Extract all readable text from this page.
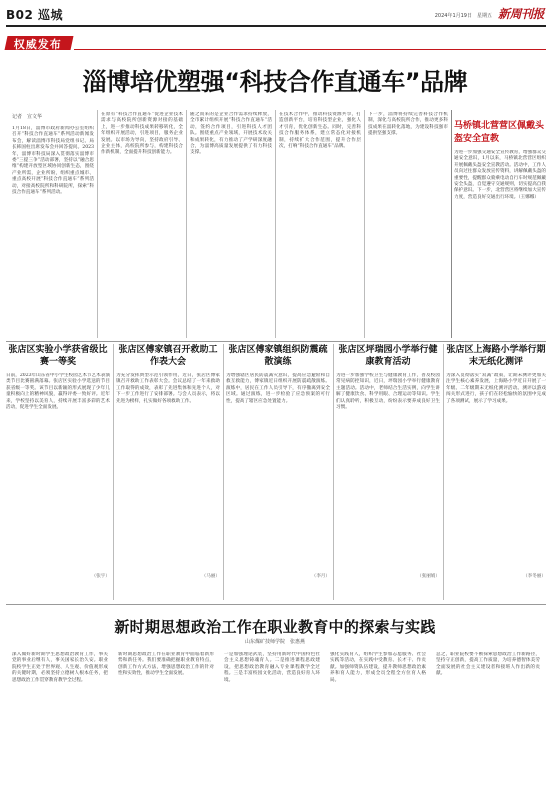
B02 巡城	2024年1月19日　星期五 新周刊报
权威发布
淄博培优塑强“科技合作直通车”品牌
记者　宣文华
1月18日，淄博市政府新闻办公室组织召开“科技合作直通车”系列活动新闻发布会，解读淄博市科技局党组书记、局长韩国柱出席发布会并回答提问。2023年，淄博市科技局深入贯彻落实淄博市委“三提三争”活动部署，坚持以“融合思维”构建开放型区域协同创新生态，围绕产业所需，企业所盼，组织重点城市、重点高校开展“科技合作直通车”系列活动，对接高校院所和科研院所，探索“科技合作直通车”系列活动。
在原有“科技合作直通车”促进企业技术需求与高校院所创新资源对接的基础上，进一步推动科技成果转移转化，全年组织开展活动，引进项目，服务企业发展。以市场为导向，坚持政府引导、企业主体，高校院所参与，构建科技合作新机制，全面提升科技创新能力。
随之而来的是企业合作需求持续释放，全市累计组织开展“科技合作直通车”活动，签约合作项目，引进科技人才团队。围绕重点产业领域，开展技术攻关和成果转化，有力推动了产学研深度融合，为淄博高质量发展提供了有力科技支撑。
在技术合作中，推动科技资源共享，打造创新平台，培育科技型企业，强化人才引育，优化创新生态。同时，完善科技合作服务体系，建立常态化对接机制，持续扩大合作范围，提升合作层次，打响“科技合作直通车”品牌。
下一步，淄博将持续完善科技合作机制，深化与高校院所合作，推动更多科技成果在淄转化落地，为建设科技强市提供坚强支撑。
马桥镇北营营区佩戴头盔安全宣教
为进一步加强交通安全宣传教育，增强群众交通安全意识，1月以来，马桥镇北营营区组织开展佩戴头盔安全宣教活动。活动中，工作人员向过往群众发放宣传资料，讲解佩戴头盔的重要性，提醒群众骑乘电动自行车时规范佩戴安全头盔，自觉遵守交通规则，切实提高自我保护意识。下一步，北营营区将继续加大宣传力度，营造良好交通出行环境。（王娜娜）
张店区实验小学获省级比赛一等奖
日前，2023年山东省中小学生校园艺术节艺术表演类节目比赛圆满落幕。张店区实验小学选送的节目获省级一等奖。该节目以新颖的形式展现了少年儿童积极向上的精神风貌，赢得评委一致好评。近年来，学校坚持以美育人，持续开展丰富多彩的艺术活动，促进学生全面发展。
（张宇）
张店区傅家镇召开救助工作表大会
为充分发挥典型示范引领作用，近日，张店区傅家镇召开救助工作表彰大会。会议总结了一年来救助工作取得的成效，表彰了先进集体和先进个人，对下一步工作进行了安排部署。与会人员表示，将以先进为榜样，扎实做好各项救助工作。
（马丽）
张店区傅家镇组织防震疏散演练
为增强辖区居民防震减灾意识，提高应急避险和自救互救能力，傅家镇近日组织开展防震疏散演练。演练中，居民在工作人员引导下，有序撤离到安全区域。通过演练，进一步检验了应急预案的可行性，提高了辖区应急处置能力。
（李月）
张店区坪瑞园小学举行健康教育活动
为进一步加强学校卫生与健康教育工作，普及校园常见病防控知识，近日，坪瑞园小学举行健康教育主题活动。活动中，老师结合生活实例，向学生讲解了健康饮食、科学用眼、合理运动等知识。学生们认真聆听，积极互动，纷纷表示要养成良好卫生习惯。
（张丽娟）
张店区上海路小学举行期末无纸化测评
为深入贯彻落实“双减”政策，让期末测评更加关注学生核心素养发展，上海路小学近日开展了一年级、二年级期末无纸化测评活动。测评以游戏闯关形式进行，孩子们在轻松愉快的氛围中完成了各项测试，展示了学习成果。
（李冬丽）
新时期思想政治工作在职业教育中的探索与实践
山东煤矿技师学院　张惠燕
深入做好新时期学生思想政治教育工作，事关党的事业后继有人，事关国家长治久安。职业院校学生正处于世界观、人生观、价值观形成的关键时期，必须坚持立德树人根本任务，把思想政治工作贯穿教育教学全过程。
新时期思想政治工作在职业教育中面临着新形势和新任务。我们要准确把握职业教育特点，创新工作方式方法，增强思想政治工作的针对性和实效性，推动学生全面发展。
一是加强理论武装，坚持用新时代中国特色社会主义思想铸魂育人。二是推进课程思政建设，把思想政治教育融入专业课程教学全过程。三是丰富校园文化活动，营造良好育人环境。
强化实践育人，组织学生参加志愿服务、社会实践等活动，在实践中受教育、长才干、作贡献。加强师资队伍建设，提升教师思想政治素养和育人能力，形成全员全程全方位育人格局。
总之，职业院校要不断探索思想政治工作新路径，坚持守正创新，提高工作质量，为培养德智体美劳全面发展的社会主义建设者和接班人作出新的贡献。
